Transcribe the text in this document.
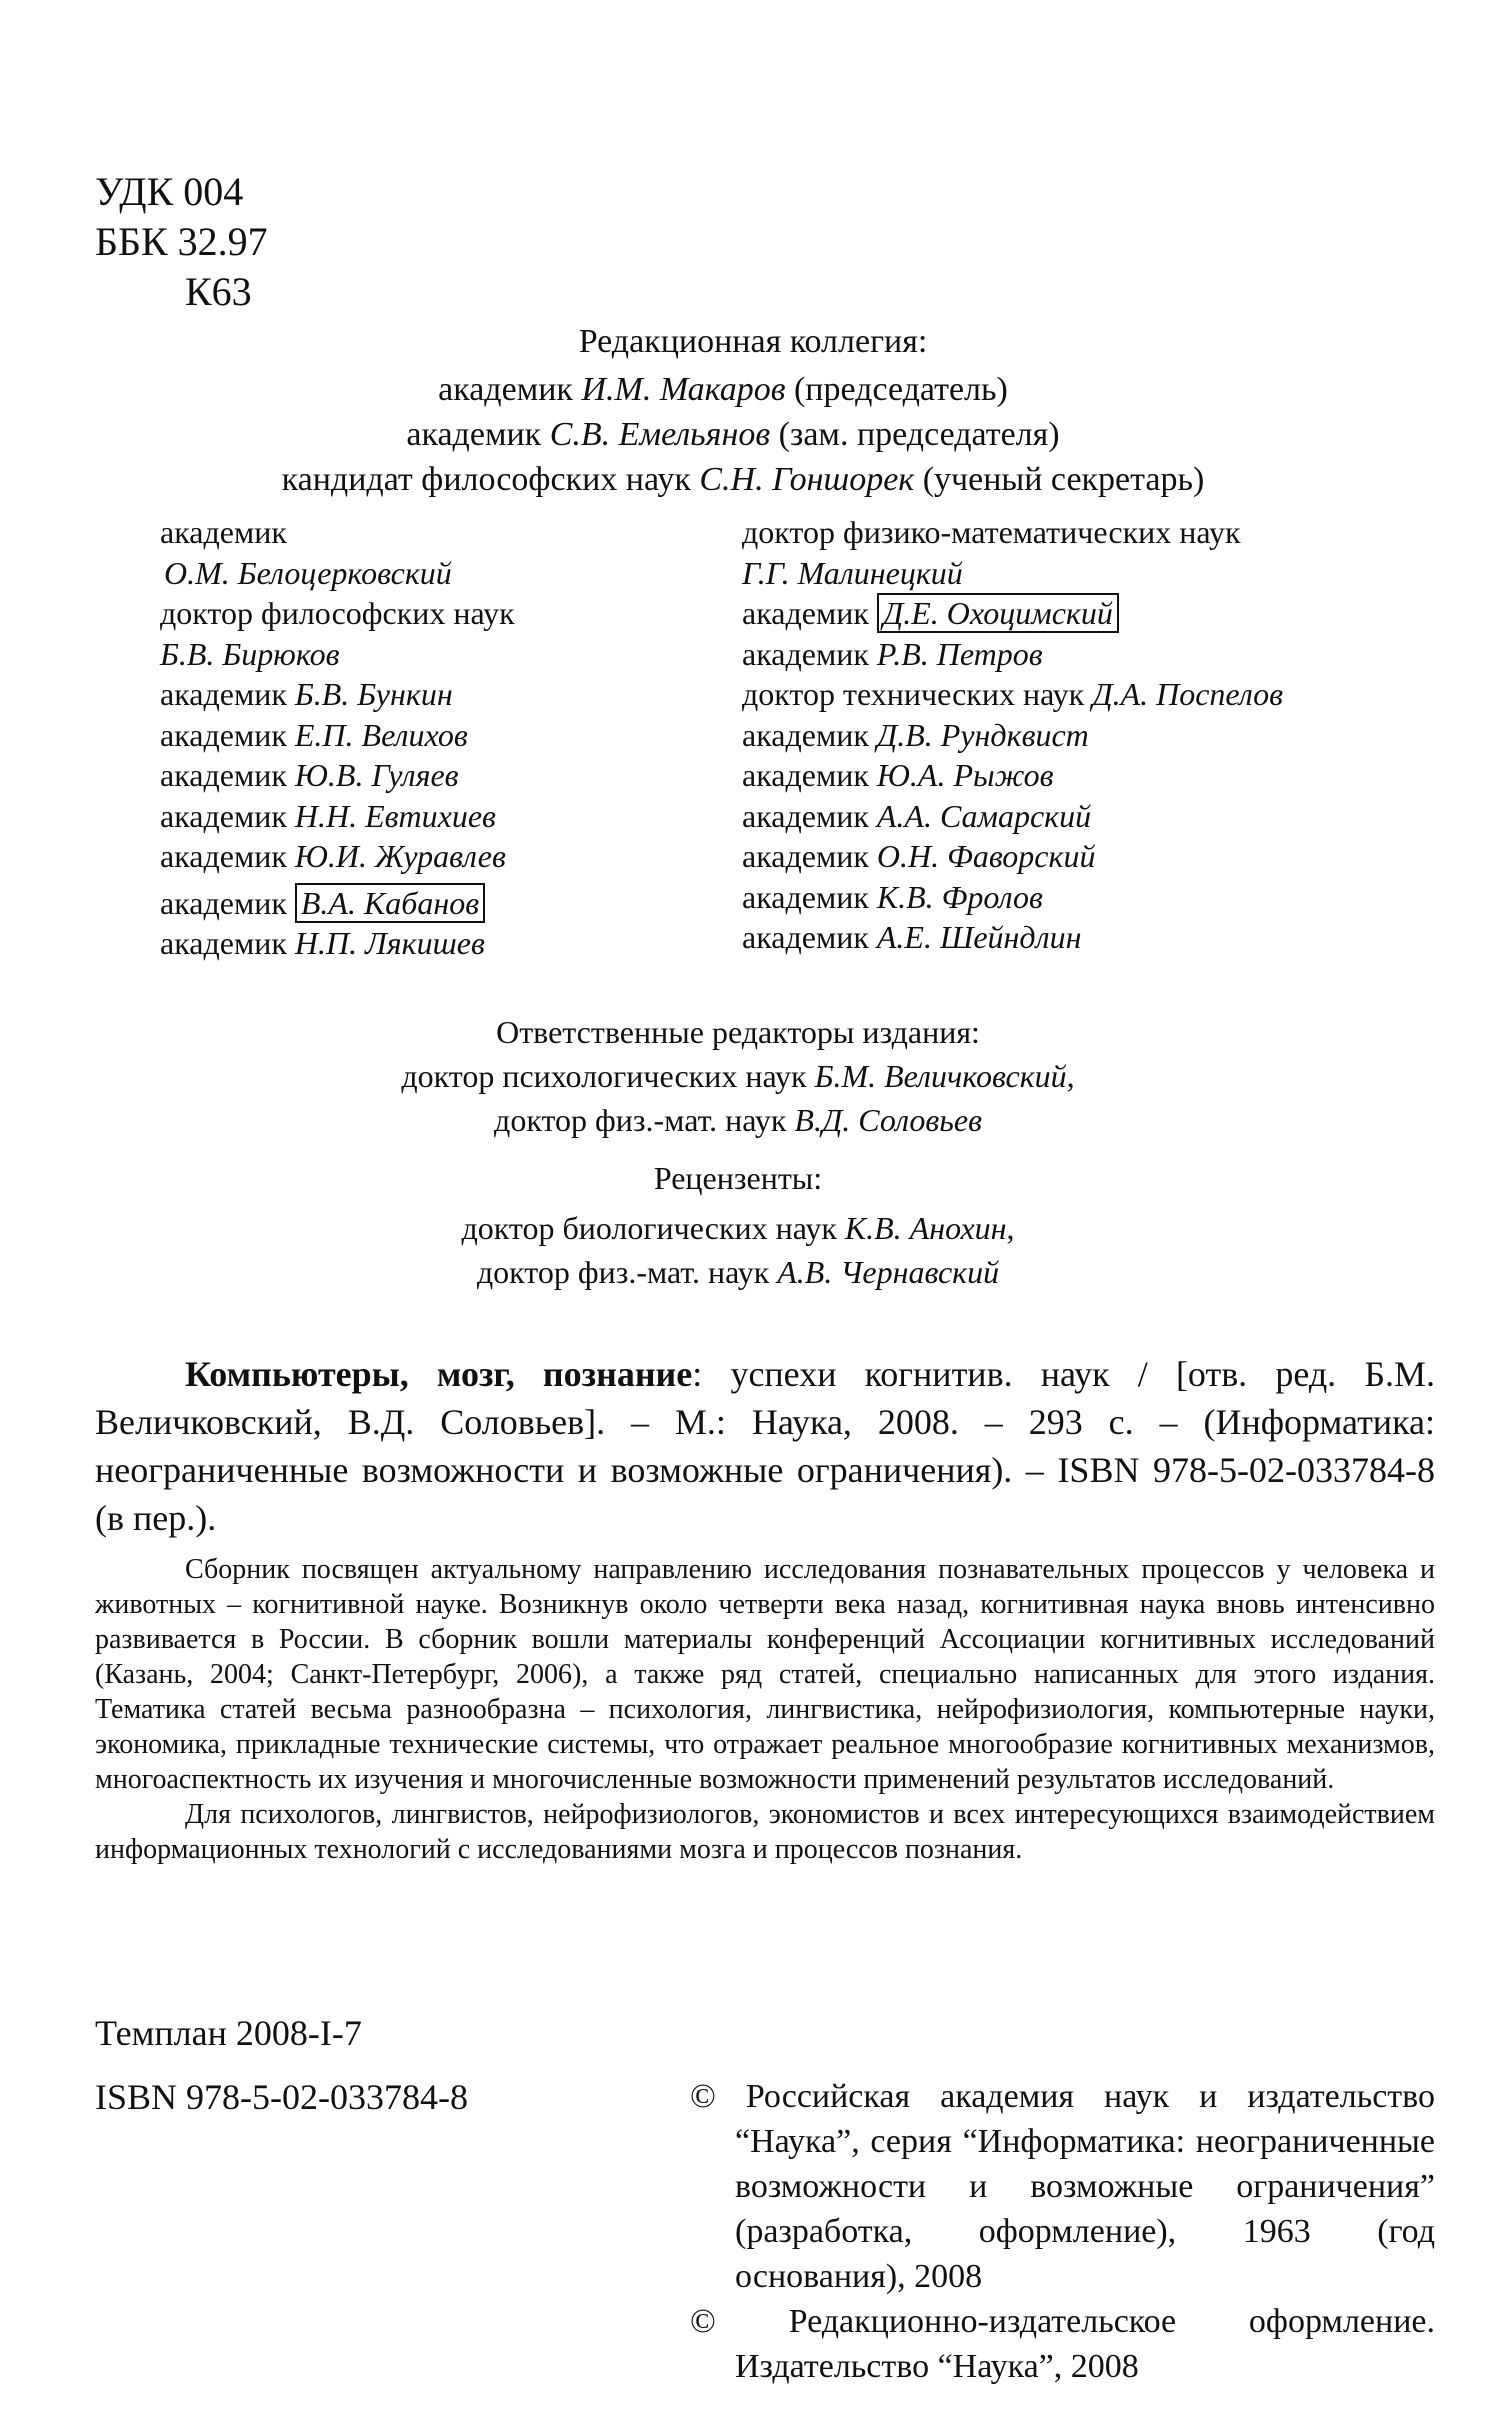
УДК 004
ББК 32.97
К63
Редакционная коллегия:
академик И.М. Макаров (председатель)
академик С.В. Емельянов (зам. председателя)
кандидат философских наук С.Н. Гоншорек (ученый секретарь)
академик
О.М. Белоцерковский
доктор философских наук
Б.В. Бирюков
академик Б.В. Бункин
академик Е.П. Велихов
академик Ю.В. Гуляев
академик Н.Н. Евтихиев
академик Ю.И. Журавлев
академик В.А. Кабанов
академик Н.П. Лякишев
доктор физико-математических наук
Г.Г. Малинецкий
академик Д.Е. Охоцимский
академик Р.В. Петров
доктор технических наук Д.А. Поспелов
академик Д.В. Рундквист
академик Ю.А. Рыжов
академик А.А. Самарский
академик О.Н. Фаворский
академик К.В. Фролов
академик А.Е. Шейндлин
Ответственные редакторы издания:
доктор психологических наук Б.М. Величковский,
доктор физ.-мат. наук В.Д. Соловьев
Рецензенты:
доктор биологических наук К.В. Анохин,
доктор физ.-мат. наук А.В. Чернавский
Компьютеры, мозг, познание: успехи когнитив. наук / [отв. ред. Б.М. Величковский, В.Д. Соловьев]. – М.: Наука, 2008. – 293 с. – (Информатика: неограниченные возможности и возможные ограничения). – ISBN 978-5-02-033784-8 (в пер.).
Сборник посвящен актуальному направлению исследования познавательных процессов у человека и животных – когнитивной науке. Возникнув около четверти века назад, когнитивная наука вновь интенсивно развивается в России. В сборник вошли материалы конференций Ассоциации когнитивных исследований (Казань, 2004; Санкт-Петербург, 2006), а также ряд статей, специально написанных для этого издания. Тематика статей весьма разнообразна – психология, лингвистика, нейрофизиология, компьютерные науки, экономика, прикладные технические системы, что отражает реальное многообразие когнитивных механизмов, многоаспектность их изучения и многочисленные возможности применений результатов исследований.
Для психологов, лингвистов, нейрофизиологов, экономистов и всех интересующихся взаимодействием информационных технологий с исследованиями мозга и процессов познания.
Темплан 2008-I-7
ISBN 978-5-02-033784-8	© Российская академия наук и издательство “Наука”, серия “Информатика: неограниченные возможности и возможные ограничения” (разработка, оформление), 1963 (год основания), 2008

© Редакционно-издательское оформление. Издательство “Наука”, 2008
